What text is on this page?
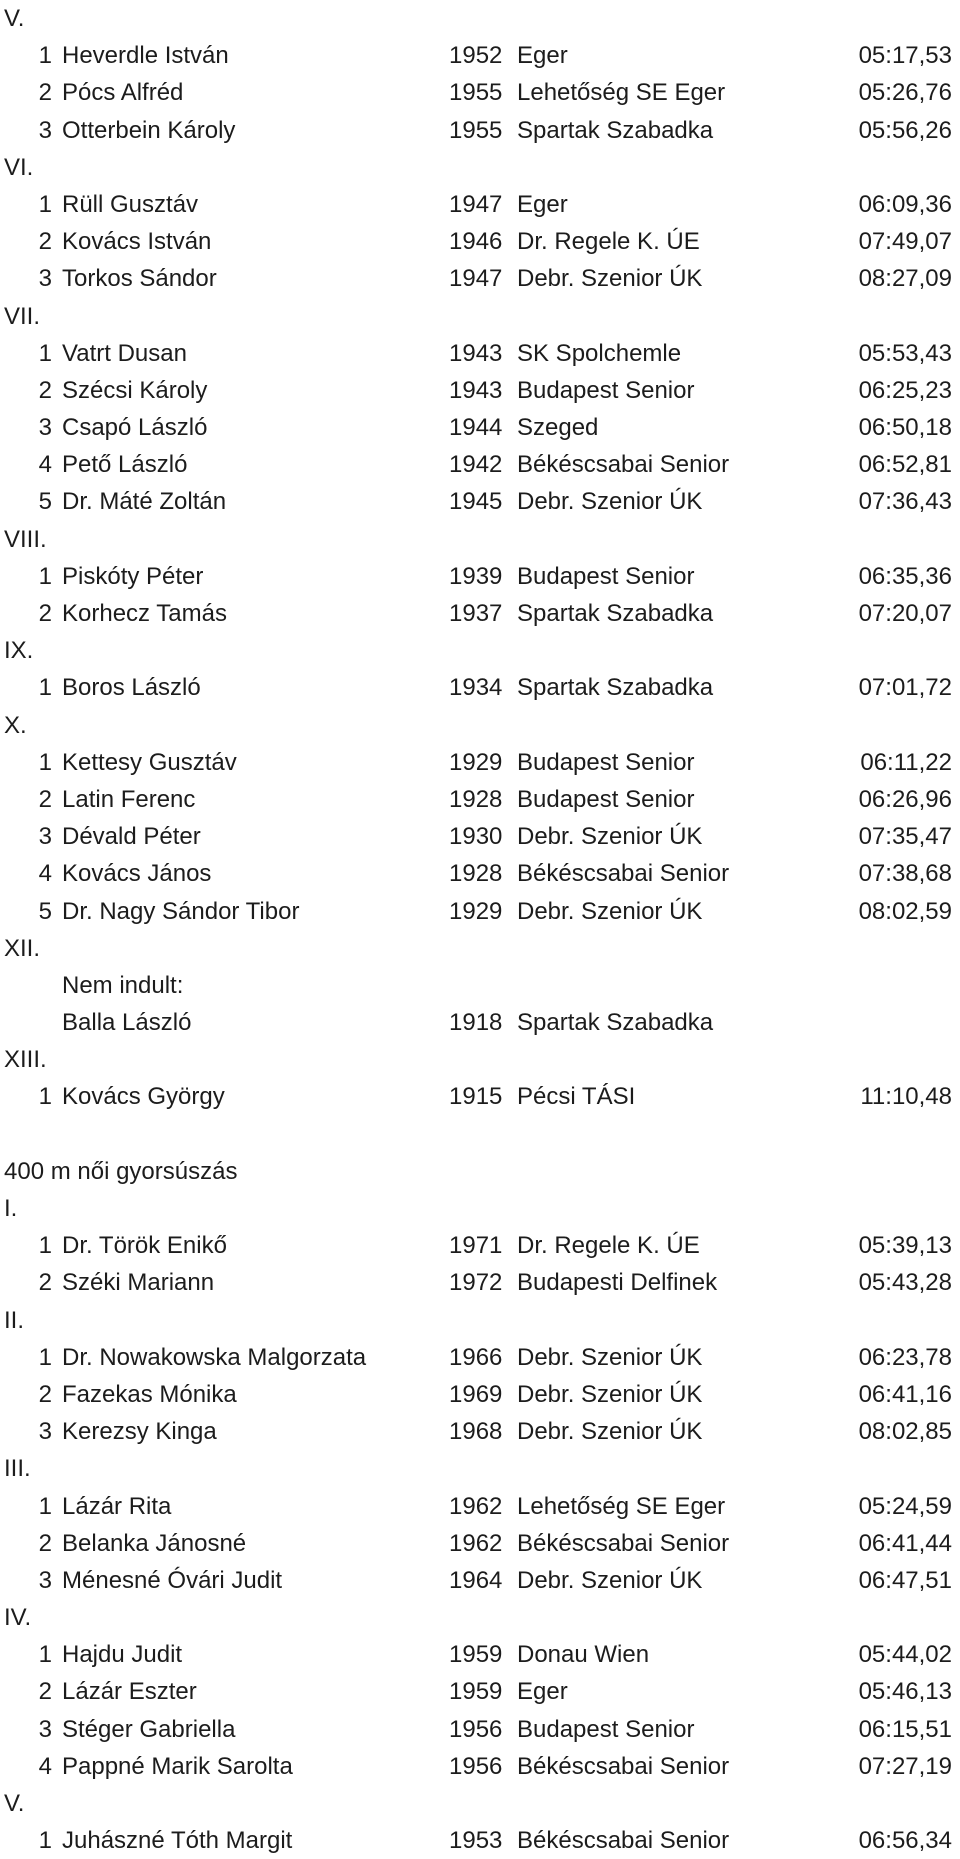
V.
1 Heverdle István	1952 Eger	05:17,53
2 Pócs Alfréd	1955 Lehetőség SE Eger	05:26,76
3 Otterbein Károly	1955 Spartak Szabadka	05:56,26
VI.
1 Rüll Gusztáv	1947 Eger	06:09,36
2 Kovács István	1946 Dr. Regele K. ÚE	07:49,07
3 Torkos Sándor	1947 Debr. Szenior ÚK	08:27,09
VII.
1 Vatrt Dusan	1943 SK Spolchemle	05:53,43
2 Szécsi Károly	1943 Budapest Senior	06:25,23
3 Csapó László	1944 Szeged	06:50,18
4 Pető László	1942 Békéscsabai Senior	06:52,81
5 Dr. Máté Zoltán	1945 Debr. Szenior ÚK	07:36,43
VIII.
1 Piskóty Péter	1939 Budapest Senior	06:35,36
2 Korhecz Tamás	1937 Spartak Szabadka	07:20,07
IX.
1 Boros László	1934 Spartak Szabadka	07:01,72
X.
1 Kettesy Gusztáv	1929 Budapest Senior	06:11,22
2 Latin Ferenc	1928 Budapest Senior	06:26,96
3 Dévald Péter	1930 Debr. Szenior ÚK	07:35,47
4 Kovács János	1928 Békéscsabai Senior	07:38,68
5 Dr. Nagy Sándor Tibor	1929 Debr. Szenior ÚK	08:02,59
XII.
Nem indult:
Balla László	1918 Spartak Szabadka
XIII.
1 Kovács György	1915 Pécsi TÁSI	11:10,48
400 m női gyorsúszás
I.
1 Dr. Török Enikő	1971 Dr. Regele K. ÚE	05:39,13
2 Széki Mariann	1972 Budapesti Delfinek	05:43,28
II.
1 Dr. Nowakowska Malgorzata	1966 Debr. Szenior ÚK	06:23,78
2 Fazekas Mónika	1969 Debr. Szenior ÚK	06:41,16
3 Kerezsy Kinga	1968 Debr. Szenior ÚK	08:02,85
III.
1 Lázár Rita	1962 Lehetőség SE Eger	05:24,59
2 Belanka Jánosné	1962 Békéscsabai Senior	06:41,44
3 Ménesné Óvári Judit	1964 Debr. Szenior ÚK	06:47,51
IV.
1 Hajdu Judit	1959 Donau Wien	05:44,02
2 Lázár Eszter	1959 Eger	05:46,13
3 Stéger Gabriella	1956 Budapest Senior	06:15,51
4 Pappné Marik Sarolta	1956 Békéscsabai Senior	07:27,19
V.
1 Juhászné Tóth Margit	1953 Békéscsabai Senior	06:56,34
